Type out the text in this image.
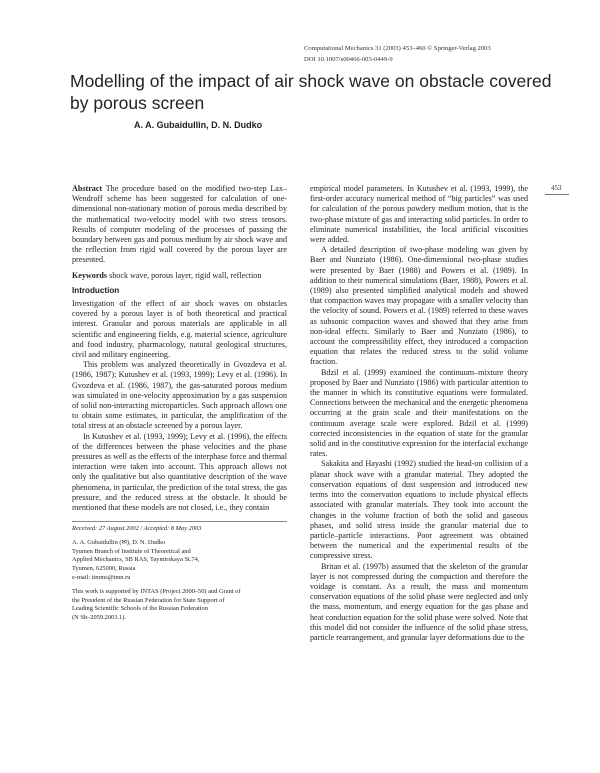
Computational Mechanics 31 (2003) 453–460 © Springer-Verlag 2003
DOI 10.1007/s00466-003-0449-9
Modelling of the impact of air shock wave on obstacle covered
by porous screen
A. A. Gubaidullin, D. N. Dudko
453

Abstract The procedure based on the modified two-step Lax–Wendroff scheme has been suggested for calculation of one-dimensional non-stationary motion of porous media described by the mathematical two-velocity model with two stress tensors. Results of computer modeling of the processes of passing the boundary between gas and porous medium by air shock wave and the reflection from rigid wall covered by the porous layer are presented.

Keywords shock wave, porous layer, rigid wall, reflection

Introduction

Investigation of the effect of air shock waves on obstacles covered by a porous layer is of both theoretical and practical interest. Granular and porous materials are applicable in all scientific and engineering fields, e.g. material science, agriculture and food industry, pharmacology, natural geological structures, civil and military engineering.

This problem was analyzed theoretically in Gvozdeva et al. (1986, 1987); Kutushev et al. (1993, 1999); Levy et al. (1996). In Gvozdeva et al. (1986, 1987), the gas-saturated porous medium was simulated in one-velocity approximation by a gas suspension of solid non-interacting microparticles. Such approach allows one to obtain some estimates, in particular, the amplification of the total stress at an obstacle screened by a porous layer.

In Kutushev et al. (1993, 1999); Levy et al. (1996), the effects of the differences between the phase velocities and the phase pressures as well as the effects of the interphase force and thermal interaction were taken into account. This approach allows not only the qualitative but also quantitative description of the wave phenomena, in particular, the prediction of the total stress, the gas pressure, and the reduced stress at the obstacle. It should be mentioned that these models are not closed, i.e., they contain

Received: 27 August 2002 / Accepted: 8 May 2003
A. A. Gubaidullin (✉), D. N. Dudko
Tyumen Branch of Institute of Theoretical and
Applied Mechanics, SB RAS, Taymirskaya St.74,
Tyumen, 625000, Russia
e-mail: timms@tmn.ru
This work is supported by INTAS (Project 2000–50) and Grant of
the President of the Russian Federation for State Support of
Leading Scientific Schools of the Russian Federation
(N Sh–2059.2003.1).

empirical model parameters. In Kutushev et al. (1993, 1999), the first-order accuracy numerical method of “big particles” was used for calculation of the porous powdery medium motion, that is the two-phase mixture of gas and interacting solid particles. In order to eliminate numerical instabilities, the local artificial viscosities were added.

A detailed description of two-phase modeling was given by Baer and Nunziato (1986). One-dimensional two-phase studies were presented by Baer (1988) and Powers et al. (1989). In addition to their numerical simulations (Baer, 1988), Powers et al. (1989) also presented simplified analytical models and showed that compaction waves may propagate with a smaller velocity than the velocity of sound. Powers et al. (1989) referred to these waves as subsonic compaction waves and showed that they arise from non-ideal effects. Similarly to Baer and Nunziato (1986), to account the compressibility effect, they introduced a compaction equation that relates the reduced stress to the solid volume fraction.

Bdzil et al. (1999) examined the continuum–mixture theory proposed by Baer and Nunziato (1986) with particular attention to the manner in which its constitutive equations were formulated. Connections between the mechanical and the energetic phenomena occurring at the grain scale and their manifestations on the continuum average scale were explored. Bdzil et al. (1999) corrected inconsistencies in the equation of state for the granular solid and in the constitutive expression for the interfacial exchange rates.

Sakakita and Hayashi (1992) studied the head-on collision of a planar shock wave with a granular material. They adopted the conservation equations of dust suspension and introduced new terms into the conservation equations to include physical effects associated with granular materials. They took into account the changes in the volume fraction of both the solid and gaseous phases, and solid stress inside the granular material due to particle–particle interactions. Poor agreement was obtained between the numerical and the experimental results of the compressive stress.

Britan et al. (1997b) assumed that the skeleton of the granular layer is not compressed during the compaction and therefore the voidage is constant. As a result, the mass and momentum conservation equations of the solid phase were neglected and only the mass, momentum, and energy equation for the gas phase and heat conduction equation for the solid phase were solved. Note that this model did not consider the influence of the solid phase stress, particle rearrangement, and granular layer deformations due to the
